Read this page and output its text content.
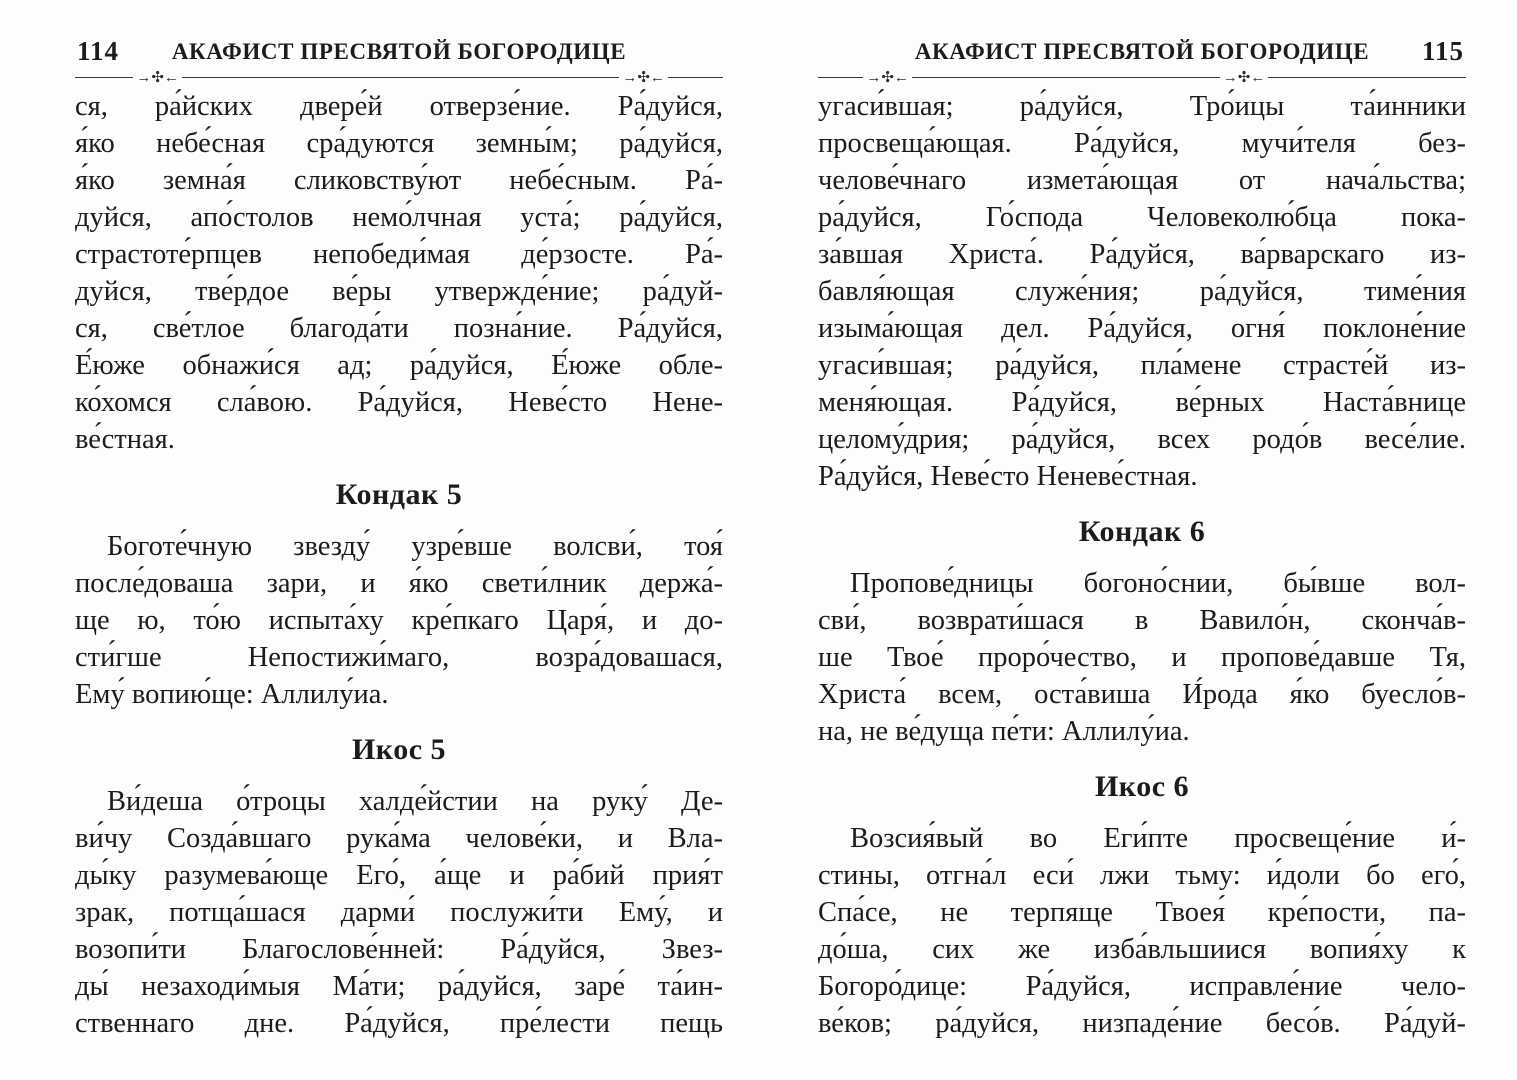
114	АКАФИСТ ПРЕСВЯТОЙ БОГОРОДИЦЕ
→✣←	→✣←
ся, ра́йских двере́й отверзе́ние. Ра́дуйся,
я́ко небе́сная сра́дуются земны́м; ра́дуйся,
я́ко земна́я сликовству́ют небе́сным. Ра́-
дуйся, апо́столов немо́лчная уста́; ра́дуйся,
страстоте́рпцев непобеди́мая де́рзосте. Ра́-
дуйся, тве́рдое ве́ры утвержде́ние; ра́дуй-
ся, све́тлое благода́ти позна́ние. Ра́дуйся,
Е́юже обнажи́ся ад; ра́дуйся, Е́юже обле-
ко́хомся сла́вою. Ра́дуйся, Неве́сто Нене-
ве́стная.
Кондак 5
Боготе́чную звезду́ узре́вше волсви́, тоя́
после́доваша зари, и я́ко свети́лник держа́-
ще ю, то́ю испыта́ху кре́пкаго Царя́, и до-
сти́гше Непостижи́маго, возра́довашася,
Ему́ вопию́ще: Аллилу́иа.
Икос 5
Ви́деша о́троцы халде́йстии на руку́ Де-
ви́чу Созда́вшаго рука́ма челове́ки, и Вла-
ды́ку разумева́юще Его́, а́ще и ра́бий прия́т
зрак, потща́шася дарми́ послужи́ти Ему́, и
возопи́ти Благослове́нней: Ра́дуйся, Звез-
ды́ незаходи́мыя Ма́ти; ра́дуйся, заре́ та́ин-
ственнаго дне. Ра́дуйся, пре́лести пещь
115
АКАФИСТ ПРЕСВЯТОЙ БОГОРОДИЦЕ
→✣←	→✣←
угаси́вшая; ра́дуйся, Тро́ицы та́инники
просвеща́ющая. Ра́дуйся, мучи́теля без-
челове́чнаго измета́ющая от нача́льства;
ра́дуйся, Го́спода Человеколю́бца пока-
за́вшая Христа́. Ра́дуйся, ва́рварскаго из-
бавля́ющая служе́ния; ра́дуйся, тиме́ния
изыма́ющая дел. Ра́дуйся, огня́ поклоне́ние
угаси́вшая; ра́дуйся, пла́мене страсте́й из-
меня́ющая. Ра́дуйся, ве́рных Наста́внице
целому́дрия; ра́дуйся, всех родо́в весе́лие.
Ра́дуйся, Неве́сто Неневе́стная.
Кондак 6
Пропове́дницы богоно́снии, бы́вше вол-
сви́, возврати́шася в Вавило́н, сконча́в-
ше Твое́ проро́чество, и пропове́давше Тя,
Христа́ всем, оста́виша И́рода я́ко буесло́в-
на, не ве́дуща пе́ти: Аллилу́иа.
Икос 6
Возсия́вый во Еги́пте просвеще́ние и́-
стины, отгна́л еси́ лжи тьму: и́доли бо его́,
Спа́се, не терпяще Твоея́ кре́пости, па-
до́ша, сих же изба́вльшиися вопия́ху к
Богоро́дице: Ра́дуйся, исправле́ние чело-
ве́ков; ра́дуйся, низпаде́ние бесо́в. Ра́дуй-
